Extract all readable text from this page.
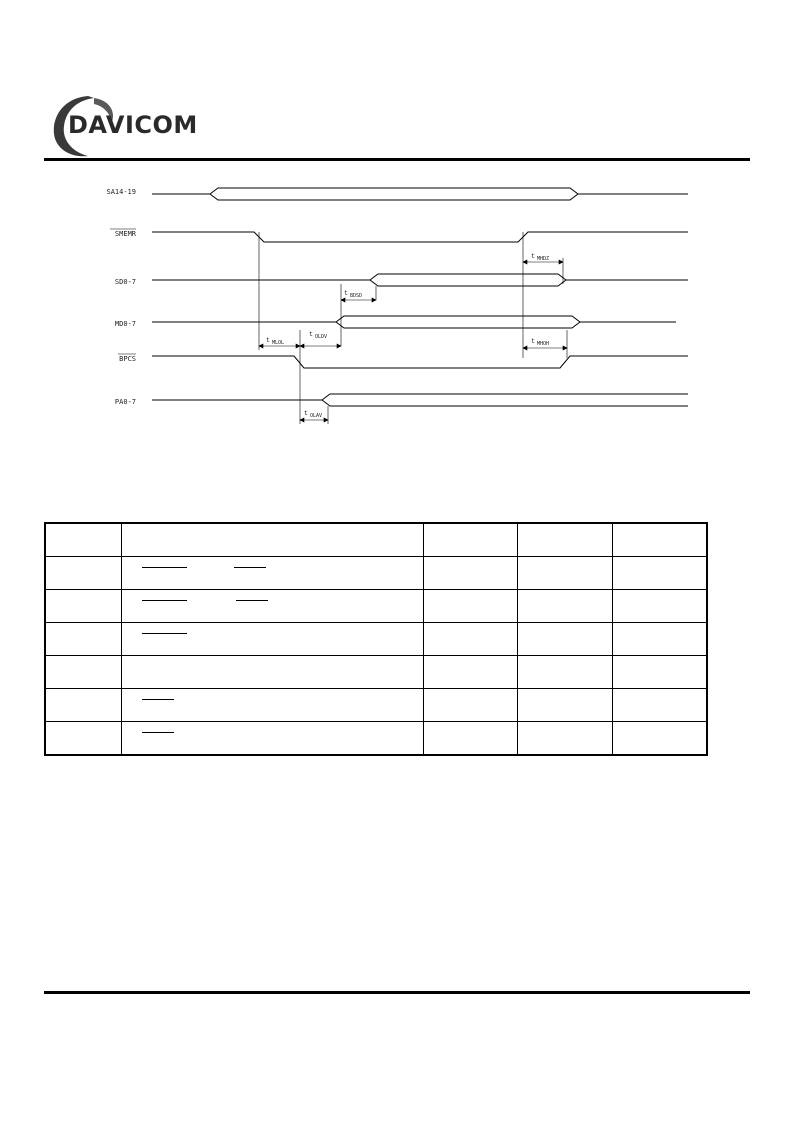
DAVICOM
SA14-19
SMEMR
SD0-7
MD0-7
BPCS
PA0-7
t MHDZ
t BDSD
t MLOL
t OLDV	t MHOH
t OLAV
